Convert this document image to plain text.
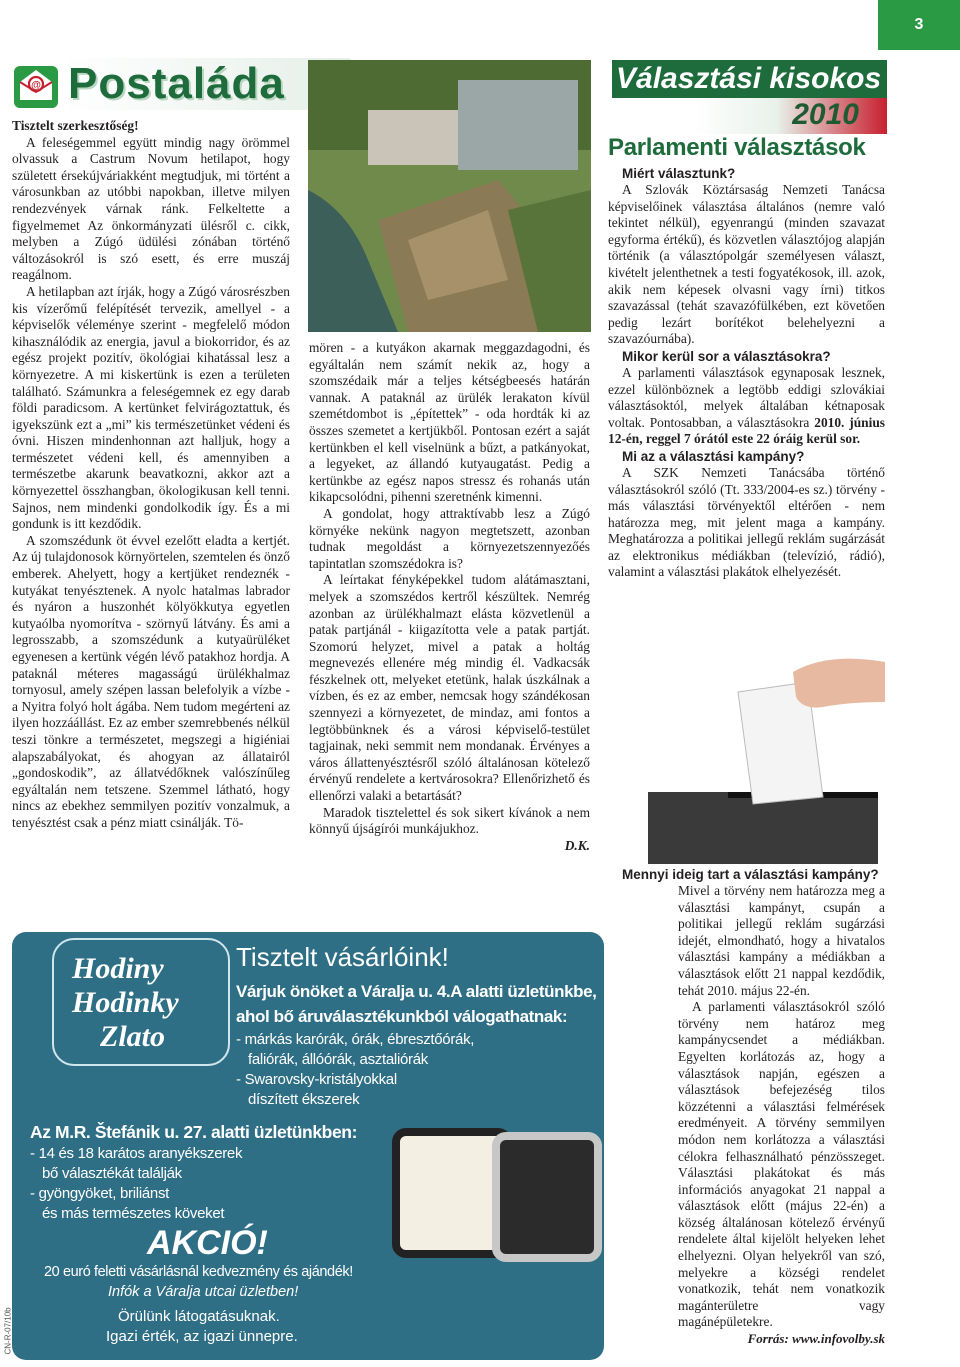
3
@ Postaláda

Tisztelt szerkesztőség!

A feleségemmel együtt mindig nagy örömmel olvassuk a Castrum Novum hetilapot, hogy született érsekújváriakként megtudjuk, mi történt a városunkban az utóbbi napokban, illetve milyen rendezvények várnak ránk. Felkeltette a figyelmemet Az önkormányzati ülésről c. cikk, melyben a Zúgó üdülési zónában történő változásokról is szó esett, és erre muszáj reagálnom.

A hetilapban azt írják, hogy a Zúgó városrészben kis vízerőmű felépítését tervezik, amellyel - a képviselők véleménye szerint - megfelelő módon kihasználódik az energia, javul a biokorridor, és az egész projekt pozitív, ökológiai kihatással lesz a környezetre. A mi kiskertünk is ezen a területen található. Számunkra a feleségemnek ez egy darab földi paradicsom. A kertünket felvirágoztattuk, és igyekszünk ezt a „mi” kis természetünket védeni és óvni. Hiszen mindenhonnan azt halljuk, hogy a természetet védeni kell, és amennyiben a természetbe akarunk beavatkozni, akkor azt a környezettel összhangban, ökologikusan kell tenni. Sajnos, nem mindenki gondolkodik így. És a mi gondunk is itt kezdődik.

A szomszédunk öt évvel ezelőtt eladta a kertjét. Az új tulajdonosok környörtelen, szemtelen és önző emberek. Ahelyett, hogy a kertjüket rendeznék - kutyákat tenyésztenek. A nyolc hatalmas labrador és nyáron a huszonhét kölyökkutya egyetlen kutyaólba nyomorítva - szörnyű látvány. És ami a legrosszabb, a szomszédunk a kutyaürüléket egyenesen a kertünk végén lévő patakhoz hordja. A pataknál méteres magasságú ürülékhalmaz tornyosul, amely szépen lassan belefolyik a vízbe - a Nyitra folyó holt ágába. Nem tudom megérteni az ilyen hozzáállást. Ez az ember szemrebbenés nélkül teszi tönkre a természetet, megszegi a higiéniai alapszabályokat, és ahogyan az állatairól „gondoskodik”, az állatvédőknek valószínűleg egyáltalán nem tetszene. Szemmel látható, hogy nincs az ebekhez semmilyen pozitív vonzalmuk, a tenyésztést csak a pénz miatt csinálják. Tö-

mören - a kutyákon akarnak meggazdagodni, és egyáltalán nem számít nekik az, hogy a szomszédaik már a teljes kétségbeesés határán vannak. A pataknál az ürülék lerakaton kívül szemétdombot is „építettek” - oda hordták ki az összes szemetet a kertjükből. Pontosan ezért a saját kertünkben el kell viselnünk a bűzt, a patkányokat, a legyeket, az állandó kutyaugatást. Pedig a kertünkbe az egész napos stressz és rohanás után kikapcsolódni, pihenni szeretnénk kimenni.

A gondolat, hogy attraktívabb lesz a Zúgó környéke nekünk nagyon megtetszett, azonban tudnak megoldást a környezetszennyezőés tapintatlan szomszédokra is?

A leírtakat fényképekkel tudom alátámasztani, melyek a szomszédos kertről készültek. Nemrég azonban az ürülékhalmazt elásta közvetlenül a patak partjánál - kiigazította vele a patak partját. Szomorú helyzet, mivel a patak a holtág megnevezés ellenére még mindig él. Vadkacsák fészkelnek ott, melyeket etetünk, halak úszkálnak a vízben, és ez az ember, nemcsak hogy szándékosan szennyezi a környezetet, de mindaz, ami fontos a legtöbbünknek és a városi képviselő-testület tagjainak, neki semmit nem mondanak. Érvényes a város állattenyésztésről szóló általánosan kötelező érvényű rendelete a kertvárosokra? Ellenőrizhető és ellenőrzi valaki a betartását?

Maradok tisztelettel és sok sikert kívánok a nem könnyű újságírói munkájukhoz.

D.K.

Választási kisokos
2010
Parlamenti választások
Miért választunk?

A Szlovák Köztársaság Nemzeti Tanácsa képviselőinek választása általános (nemre való tekintet nélkül), egyenrangú (minden szavazat egyforma értékű), és közvetlen választójog alapján történik (a választópolgár személyesen választ, kivételt jelenthetnek a testi fogyatékosok, ill. azok, akik nem képesek olvasni vagy írni) titkos szavazással (tehát szavazófülkében, ezt követően pedig lezárt borítékot belehelyezni a szavazóurnába).

Mikor kerül sor a választásokra?

A parlamenti választások egynaposak lesznek, ezzel különböznek a legtöbb eddigi szlovákiai választásoktól, melyek általában kétnaposak voltak. Pontosabban, a választásokra 2010. június 12-én, reggel 7 órától este 22 óráig kerül sor.

Mi az a választási kampány?

A SZK Nemzeti Tanácsába történő választásokról szóló (Tt. 333/2004-es sz.) törvény - más választási törvényektől eltérően - nem határozza meg, mit jelent maga a kampány. Meghatározza a politikai jellegű reklám sugárzását az elektronikus médiákban (televízió, rádió), valamint a választási plakátok elhelyezését.

Mennyi ideig tart a választási kampány?

Mivel a törvény nem határozza meg a választási kampányt, csupán a politikai jellegű reklám sugárzási idejét, elmondható, hogy a hivatalos választási kampány a médiákban a választások előtt 21 nappal kezdődik, tehát 2010. május 22-én.

A parlamenti választásokról szóló törvény nem határoz meg kampánycsendet a médiákban. Egyelten korlátozás az, hogy a választások napján, egészen a választások befejezéség tilos közzétenni a választási felmérések eredményeit. A törvény semmilyen módon nem korlátozza a választási célokra felhasználható pénzösszeget. Választási plakátokat és más információs anyagokat 21 nappal a választások előtt (május 22-én) a község általánosan kötelező érvényű rendelete által kijelölt helyeken lehet elhelyezni. Olyan helyekről van szó, melyekre a községi rendelet vonatkozik, tehát nem vonatkozik magánterületre vagy magánépületekre.

Forrás: www.infovolby.sk

Hodiny
Hodinky
Zlato
Tisztelt vásárlóink!
Várjuk önöket a Váralja u. 4.A alatti üzletünkbe,
ahol bő áruválasztékunkból válogathatnak:
- márkás karórák, órák, ébresztőórák,
faliórák, állóórák, asztaliórák
- Swarovsky-kristályokkal
díszített ékszerek
Az M.R. Štefánik u. 27. alatti üzletünkben:
- 14 és 18 karátos aranyékszerek
bő választékát találják
- gyöngyöket, briliánst
és más természetes köveket
AKCIÓ!
20 euró feletti vásárlásnál kedvezmény és ajándék!
Infók a Váralja utcai üzletben!
Örülünk látogatásuknak.
Igazi érték, az igazi ünnepre.
CN-R-07/10b
